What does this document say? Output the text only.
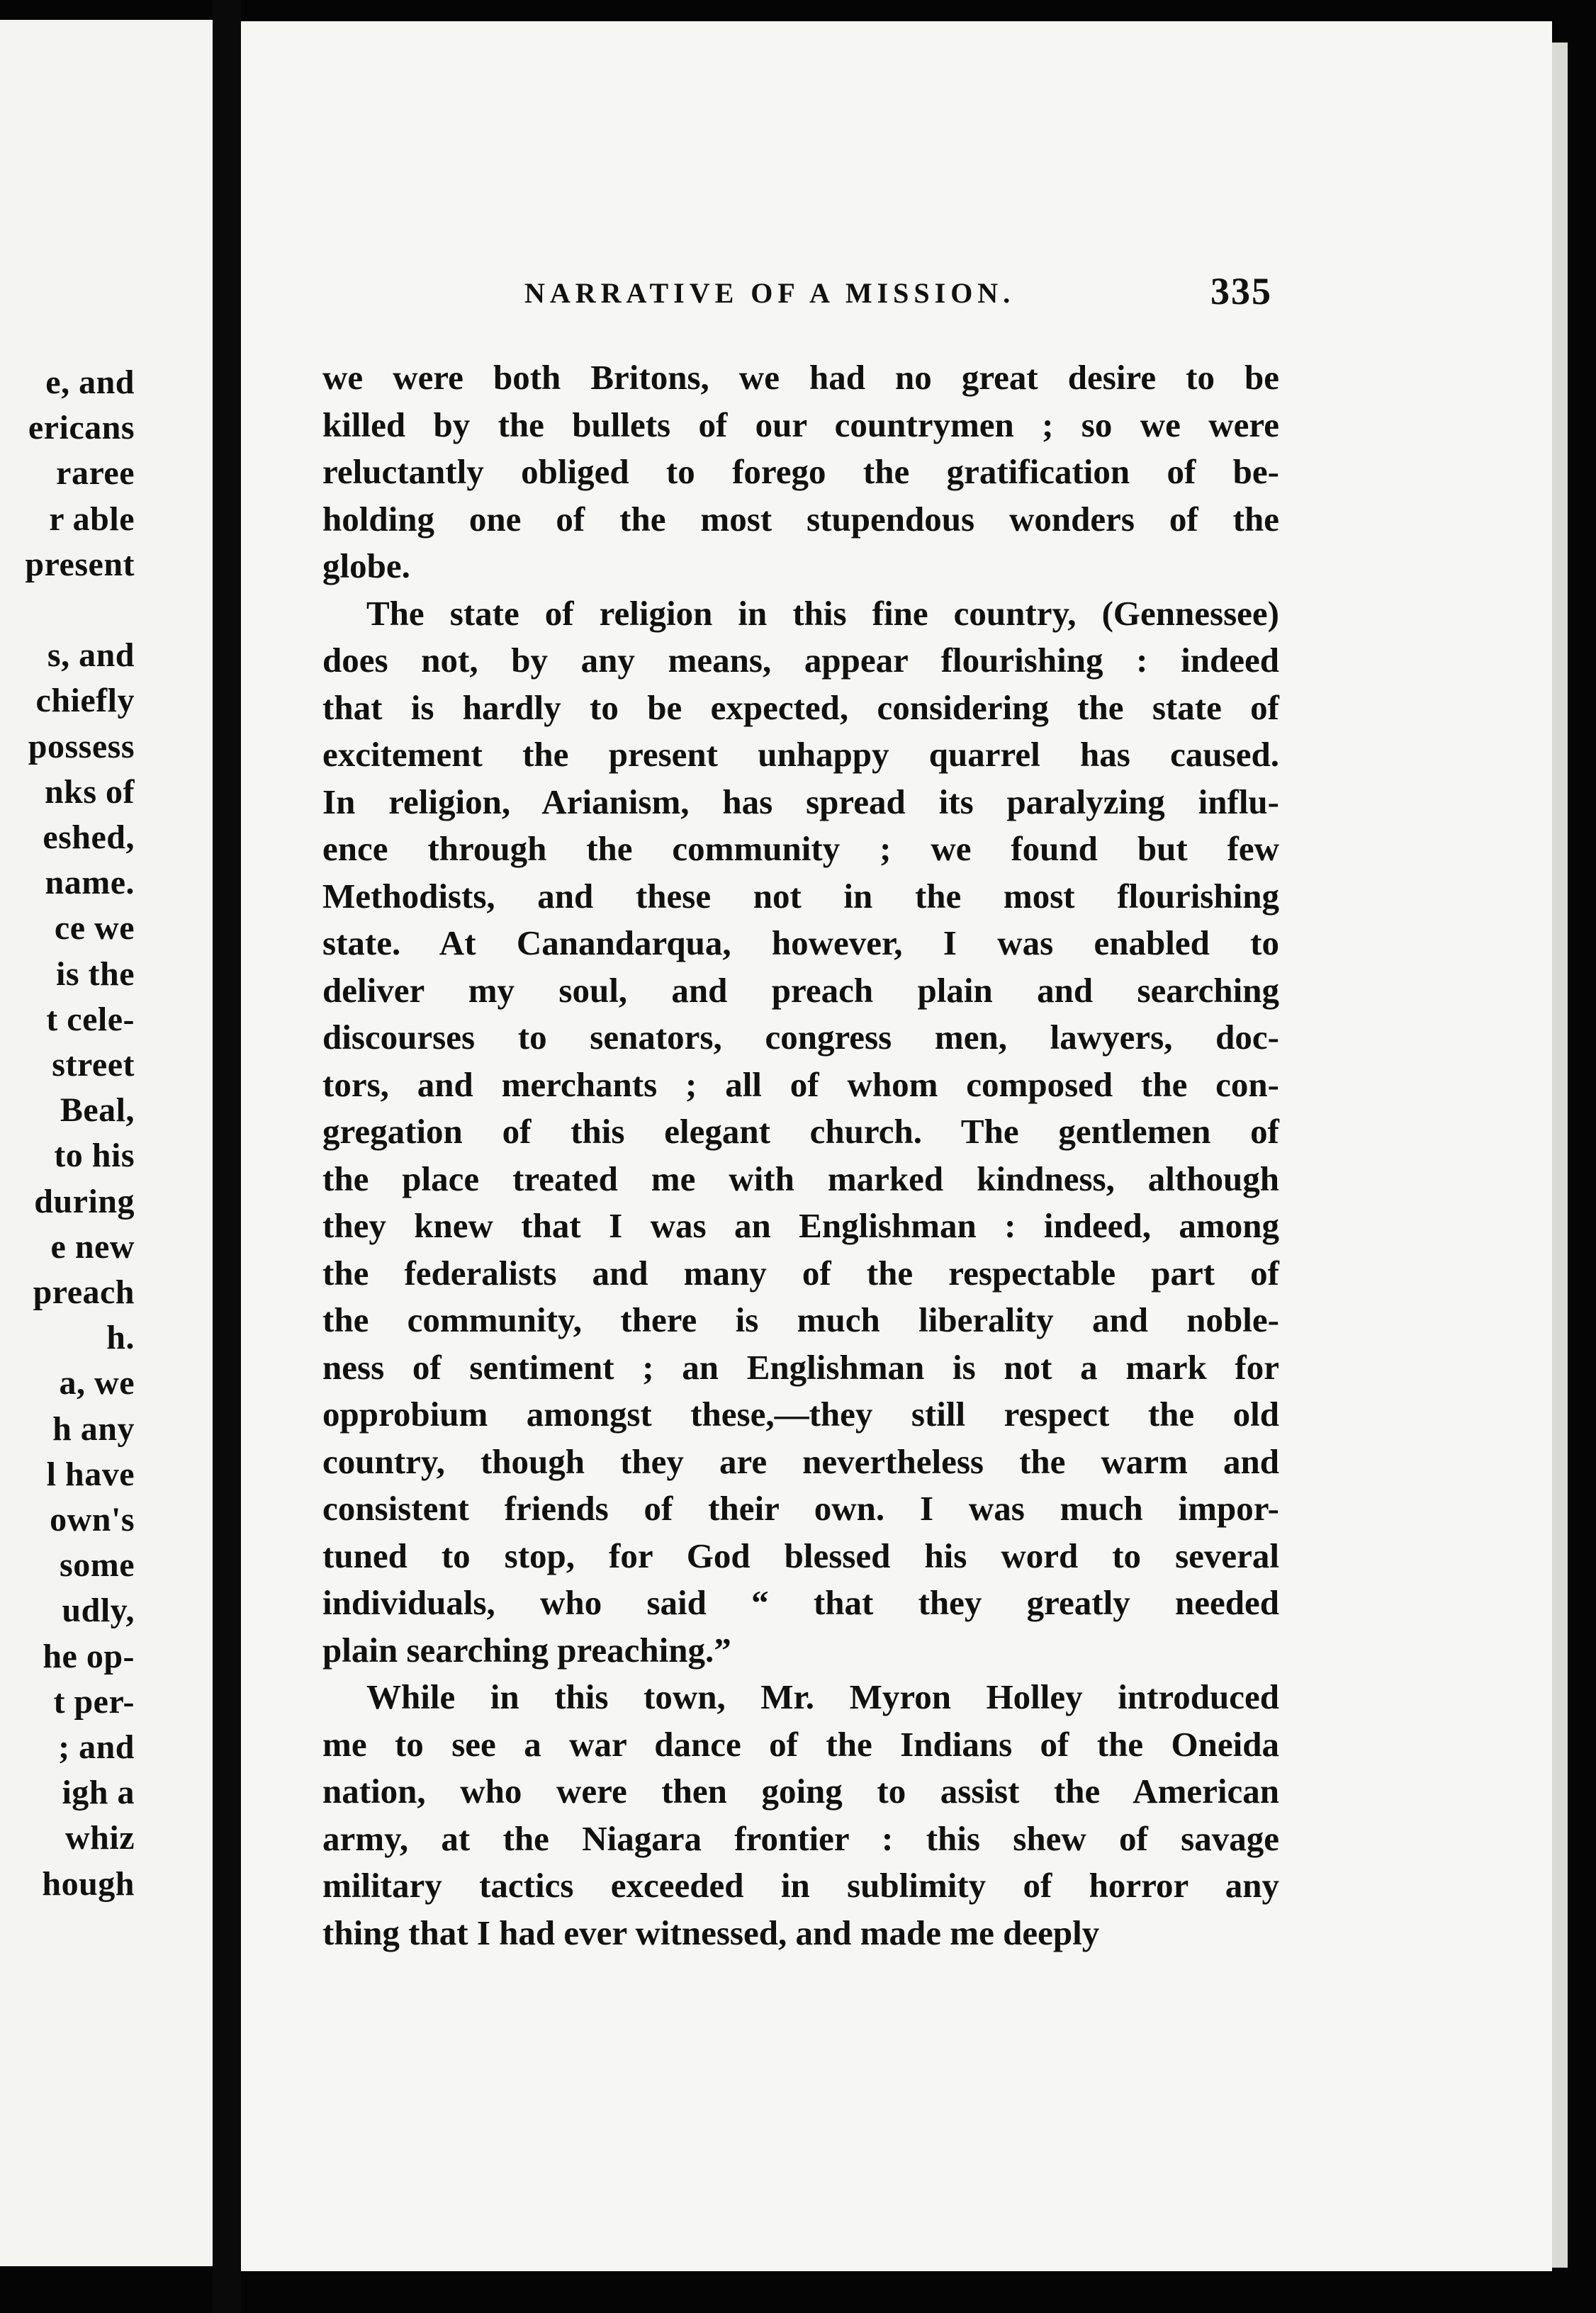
e, and
ericans
raree
r able
present
s, and
chiefly
possess
nks of
eshed,
name.
ce we
is the
t cele-
street
Beal,
to his
during
e new
preach
h.
a, we
h any
l have
own's
some
udly,
he op-
t per-
; and
igh a
whiz
hough
NARRATIVE OF A MISSION.	335
we were both Britons, we had no great desire to be
killed by the bullets of our countrymen ; so we were
reluctantly obliged to forego the gratification of be-
holding one of the most stupendous wonders of the
globe.
The state of religion in this fine country, (Gennessee)
does not, by any means, appear flourishing : indeed
that is hardly to be expected, considering the state of
excitement the present unhappy quarrel has caused.
In religion, Arianism, has spread its paralyzing influ-
ence through the community ; we found but few
Methodists, and these not in the most flourishing
state. At Canandarqua, however, I was enabled to
deliver my soul, and preach plain and searching
discourses to senators, congress men, lawyers, doc-
tors, and merchants ; all of whom composed the con-
gregation of this elegant church. The gentlemen of
the place treated me with marked kindness, although
they knew that I was an Englishman : indeed, among
the federalists and many of the respectable part of
the community, there is much liberality and noble-
ness of sentiment ; an Englishman is not a mark for
opprobium amongst these,—they still respect the old
country, though they are nevertheless the warm and
consistent friends of their own. I was much impor-
tuned to stop, for God blessed his word to several
individuals, who said “ that they greatly needed
plain searching preaching.”
While in this town, Mr. Myron Holley introduced
me to see a war dance of the Indians of the Oneida
nation, who were then going to assist the American
army, at the Niagara frontier : this shew of savage
military tactics exceeded in sublimity of horror any
thing that I had ever witnessed, and made me deeply
